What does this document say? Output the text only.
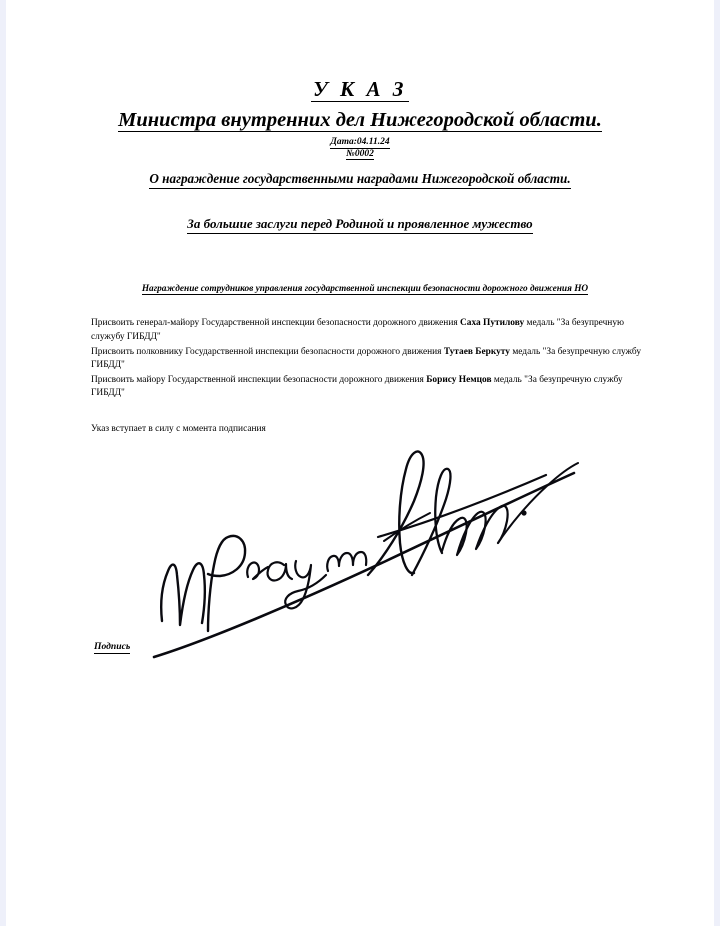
У К А З
Министра внутренних дел Нижегородской области.

Дата:04.11.24

№0002

О награждение государственными наградами Нижегородской области.

За большие заслуги перед Родиной и проявленное мужество

Награждение сотрудников управления государственной инспекции безопасности дорожного движения НО

Присвоить генерал-майору Государственной инспекции безопасности дорожного движения Саха Путилову медаль "За безупречную служубу ГИБДД"

Присвоить полковнику Государственной инспекции безопасности дорожного движения Тутаев Беркуту медаль "За безупречную службу ГИБДД"

Присвоить майору Государственной инспекции безопасности дорожного движения Борису Немцов медаль "За безупречную службу ГИБДД"

Указ вступает в силу с момента подписания

Подпись
